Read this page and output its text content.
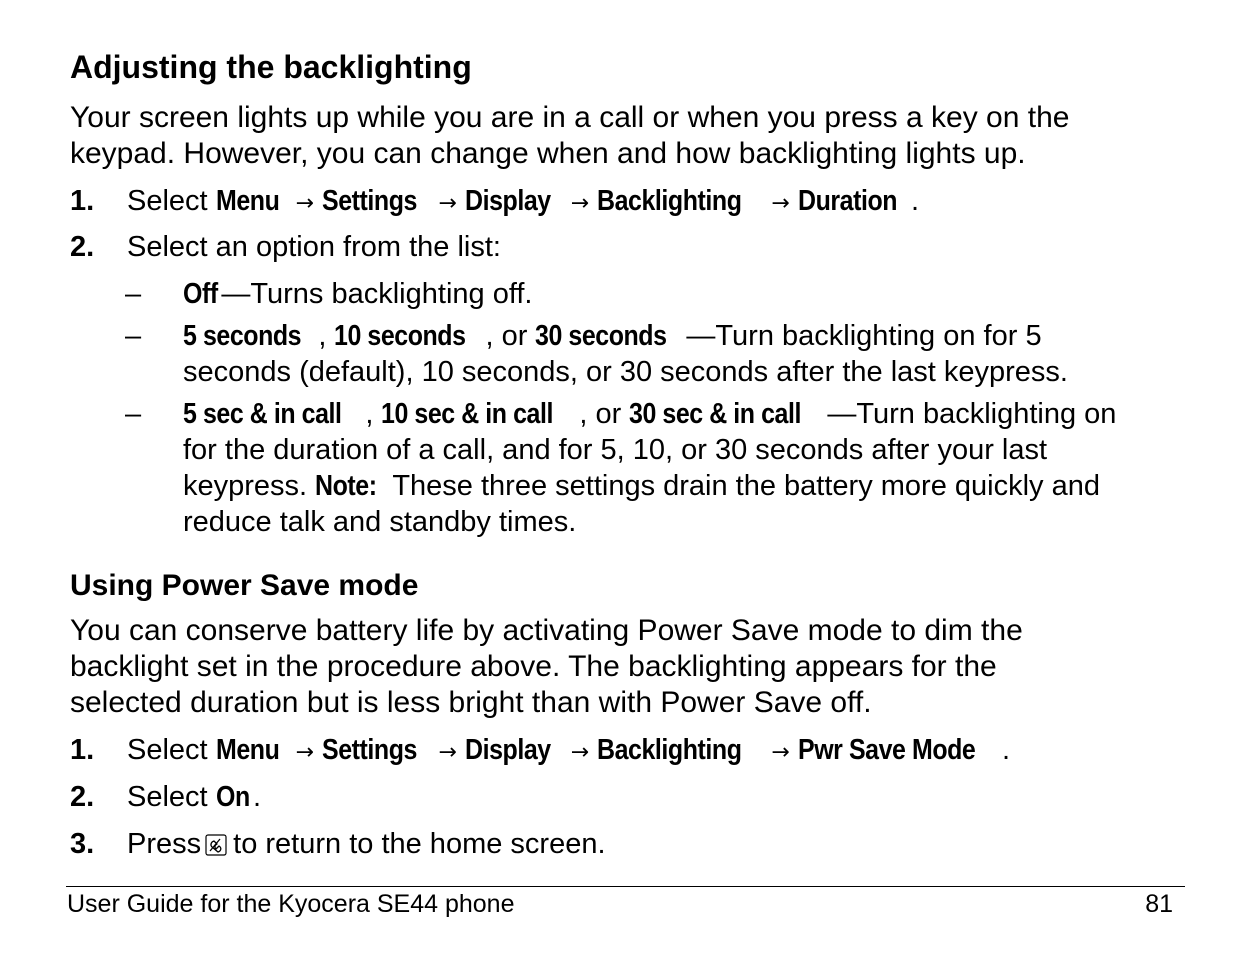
Adjusting the backlighting

Your screen lights up while you are in a call or when you press a key on the
keypad. However, you can change when and how backlighting lights up.

1. Select Menu → Settings → Display → Backlighting → Duration .
2. Select an option from the list:
– Off —Turns backlighting off.
– 5 seconds , 10 seconds , or 30 seconds —Turn backlighting on for 5
seconds (default), 10 seconds, or 30 seconds after the last keypress.
– 5 sec & in call , 10 sec & in call , or 30 sec & in call —Turn backlighting on
for the duration of a call, and for 5, 10, or 30 seconds after your last
keypress. Note: These three settings drain the battery more quickly and
reduce talk and standby times.
Using Power Save mode

You can conserve battery life by activating Power Save mode to dim the
backlight set in the procedure above. The backlighting appears for the
selected duration but is less bright than with Power Save off.

1. Select Menu → Settings → Display → Backlighting → Pwr Save Mode .
2. Select On .
3. Press to return to the home screen.
User Guide for the Kyocera SE44 phone	81
